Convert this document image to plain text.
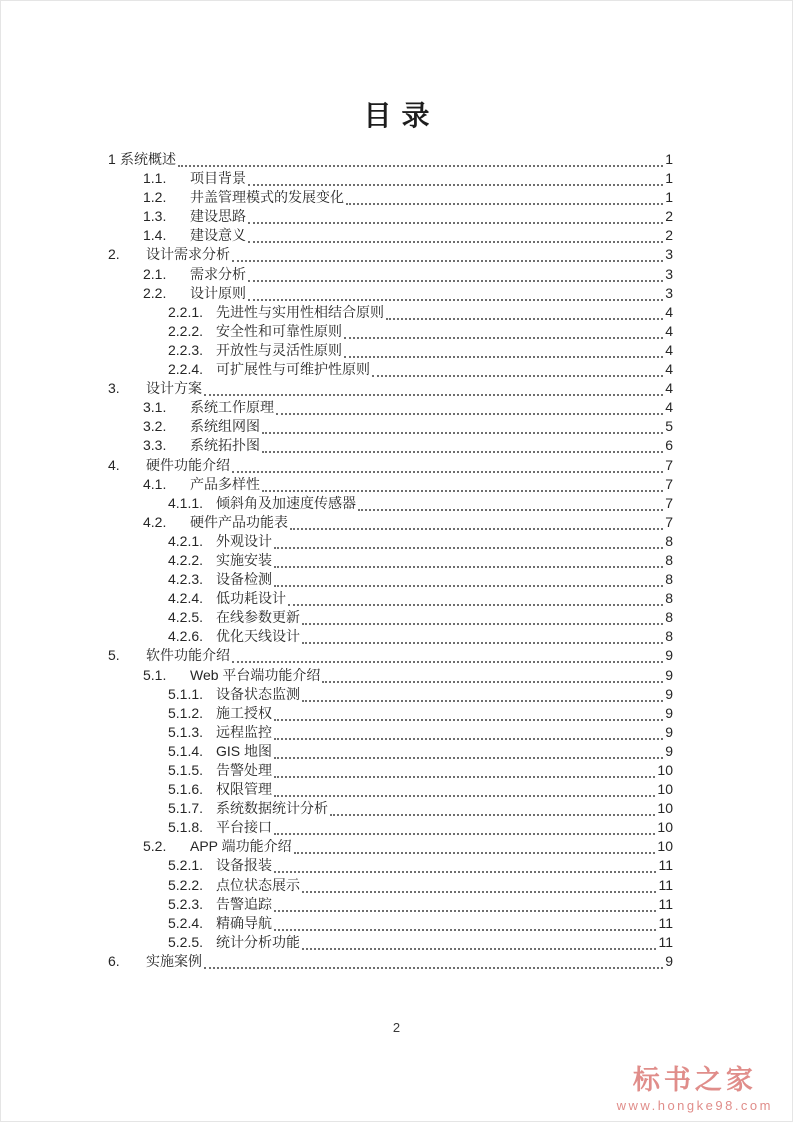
目录
1 系统概述	1
1.1.	项目背景	1
1.2.	井盖管理模式的发展变化	1
1.3.	建设思路	2
1.4.	建设意义	2
2.	设计需求分析	3
2.1.	需求分析	3
2.2.	设计原则	3
2.2.1. 先进性与实用性相结合原则	4
2.2.2. 安全性和可靠性原则	4
2.2.3. 开放性与灵活性原则	4
2.2.4. 可扩展性与可维护性原则	4
3.	设计方案	4
3.1.	系统工作原理	4
3.2.	系统组网图	5
3.3.	系统拓扑图	6
4.	硬件功能介绍	7
4.1.	产品多样性	7
4.1.1. 倾斜角及加速度传感器	7
4.2.	硬件产品功能表	7
4.2.1. 外观设计	8
4.2.2. 实施安装	8
4.2.3. 设备检测	8
4.2.4. 低功耗设计	8
4.2.5. 在线参数更新	8
4.2.6. 优化天线设计	8
5.	软件功能介绍	9
5.1.	Web 平台端功能介绍	9
5.1.1. 设备状态监测	9
5.1.2. 施工授权	9
5.1.3. 远程监控	9
5.1.4. GIS 地图	9
5.1.5. 告警处理	10
5.1.6. 权限管理	10
5.1.7. 系统数据统计分析	10
5.1.8. 平台接口	10
5.2.	APP 端功能介绍	10
5.2.1. 设备报装	11
5.2.2. 点位状态展示	11
5.2.3. 告警追踪	11
5.2.4. 精确导航	11
5.2.5. 统计分析功能	11
6.	实施案例	9
2
标书之家
www.hongke98.com
